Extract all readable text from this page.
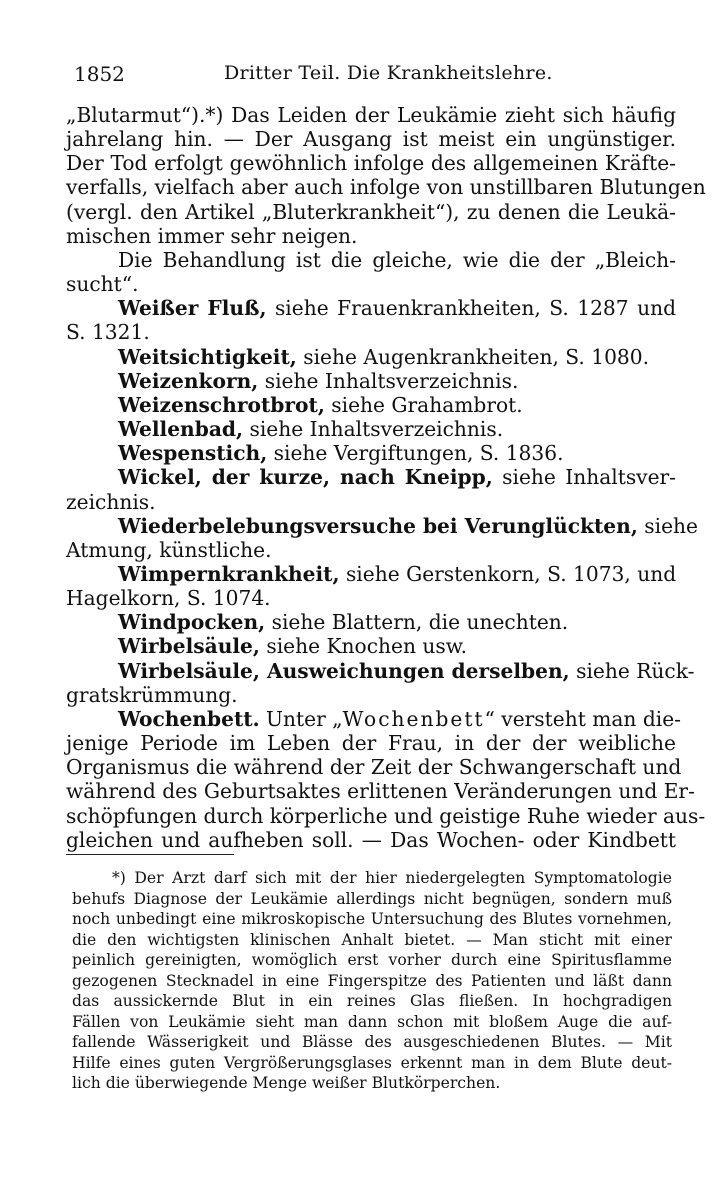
1852	Dritter Teil. Die Krankheitslehre.
„Blutarmut“).*) Das Leiden der Leukämie zieht sich häufig
jahrelang hin. — Der Ausgang ist meist ein ungünstiger.
Der Tod erfolgt gewöhnlich infolge des allgemeinen Kräfte-
verfalls, vielfach aber auch infolge von unstillbaren Blutungen
(vergl. den Artikel „Bluterkrankheit“), zu denen die Leukä-
mischen immer sehr neigen.
Die Behandlung ist die gleiche, wie die der „Bleich-
sucht“.
Weißer Fluß, siehe Frauenkrankheiten, S. 1287 und
S. 1321.
Weitsichtigkeit, siehe Augenkrankheiten, S. 1080.
Weizenkorn, siehe Inhaltsverzeichnis.
Weizenschrotbrot, siehe Grahambrot.
Wellenbad, siehe Inhaltsverzeichnis.
Wespenstich, siehe Vergiftungen, S. 1836.
Wickel, der kurze, nach Kneipp, siehe Inhaltsver-
zeichnis.
Wiederbelebungsversuche bei Verunglückten, siehe
Atmung, künstliche.
Wimpernkrankheit, siehe Gerstenkorn, S. 1073, und
Hagelkorn, S. 1074.
Windpocken, siehe Blattern, die unechten.
Wirbelsäule, siehe Knochen usw.
Wirbelsäule, Ausweichungen derselben, siehe Rück-
gratskrümmung.
Wochenbett. Unter „Wochenbett“ versteht man die-
jenige Periode im Leben der Frau, in der der weibliche
Organismus die während der Zeit der Schwangerschaft und
während des Geburtsaktes erlittenen Veränderungen und Er-
schöpfungen durch körperliche und geistige Ruhe wieder aus-
gleichen und aufheben soll. — Das Wochen- oder Kindbett
*) Der Arzt darf sich mit der hier niedergelegten Symptomatologie
behufs Diagnose der Leukämie allerdings nicht begnügen, sondern muß
noch unbedingt eine mikroskopische Untersuchung des Blutes vornehmen,
die den wichtigsten klinischen Anhalt bietet. — Man sticht mit einer
peinlich gereinigten, womöglich erst vorher durch eine Spiritusflamme
gezogenen Stecknadel in eine Fingerspitze des Patienten und läßt dann
das aussickernde Blut in ein reines Glas fließen. In hochgradigen
Fällen von Leukämie sieht man dann schon mit bloßem Auge die auf-
fallende Wässerigkeit und Blässe des ausgeschiedenen Blutes. — Mit
Hilfe eines guten Vergrößerungsglases erkennt man in dem Blute deut-
lich die überwiegende Menge weißer Blutkörperchen.
